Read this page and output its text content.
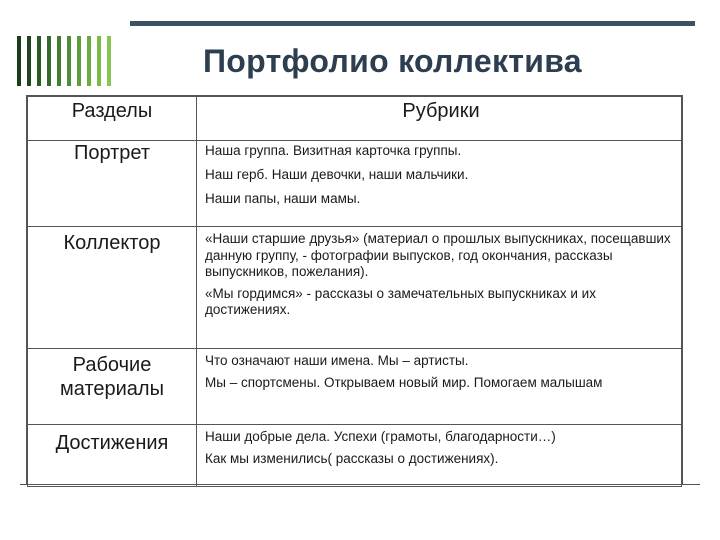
Портфолио коллектива
Разделы	Рубрики
Портрет	Наша группа. Визитная карточка группы.
Наш герб. Наши девочки, наши мальчики.
Наши папы, наши мамы.

Коллектор	«Наши старшие друзья» (материал о прошлых выпускниках, посещавших данную группу, - фотографии выпусков, год окончания, рассказы выпускников, пожелания).
«Мы гордимся» - рассказы о замечательных выпускниках и их достижениях.

Рабочие материалы	Что означают наши имена. Мы – артисты.
Мы – спортсмены. Открываем новый мир. Помогаем малышам

Достижения	Наши добрые дела. Успехи (грамоты, благодарности…)
Как мы изменились( рассказы о достижениях).
